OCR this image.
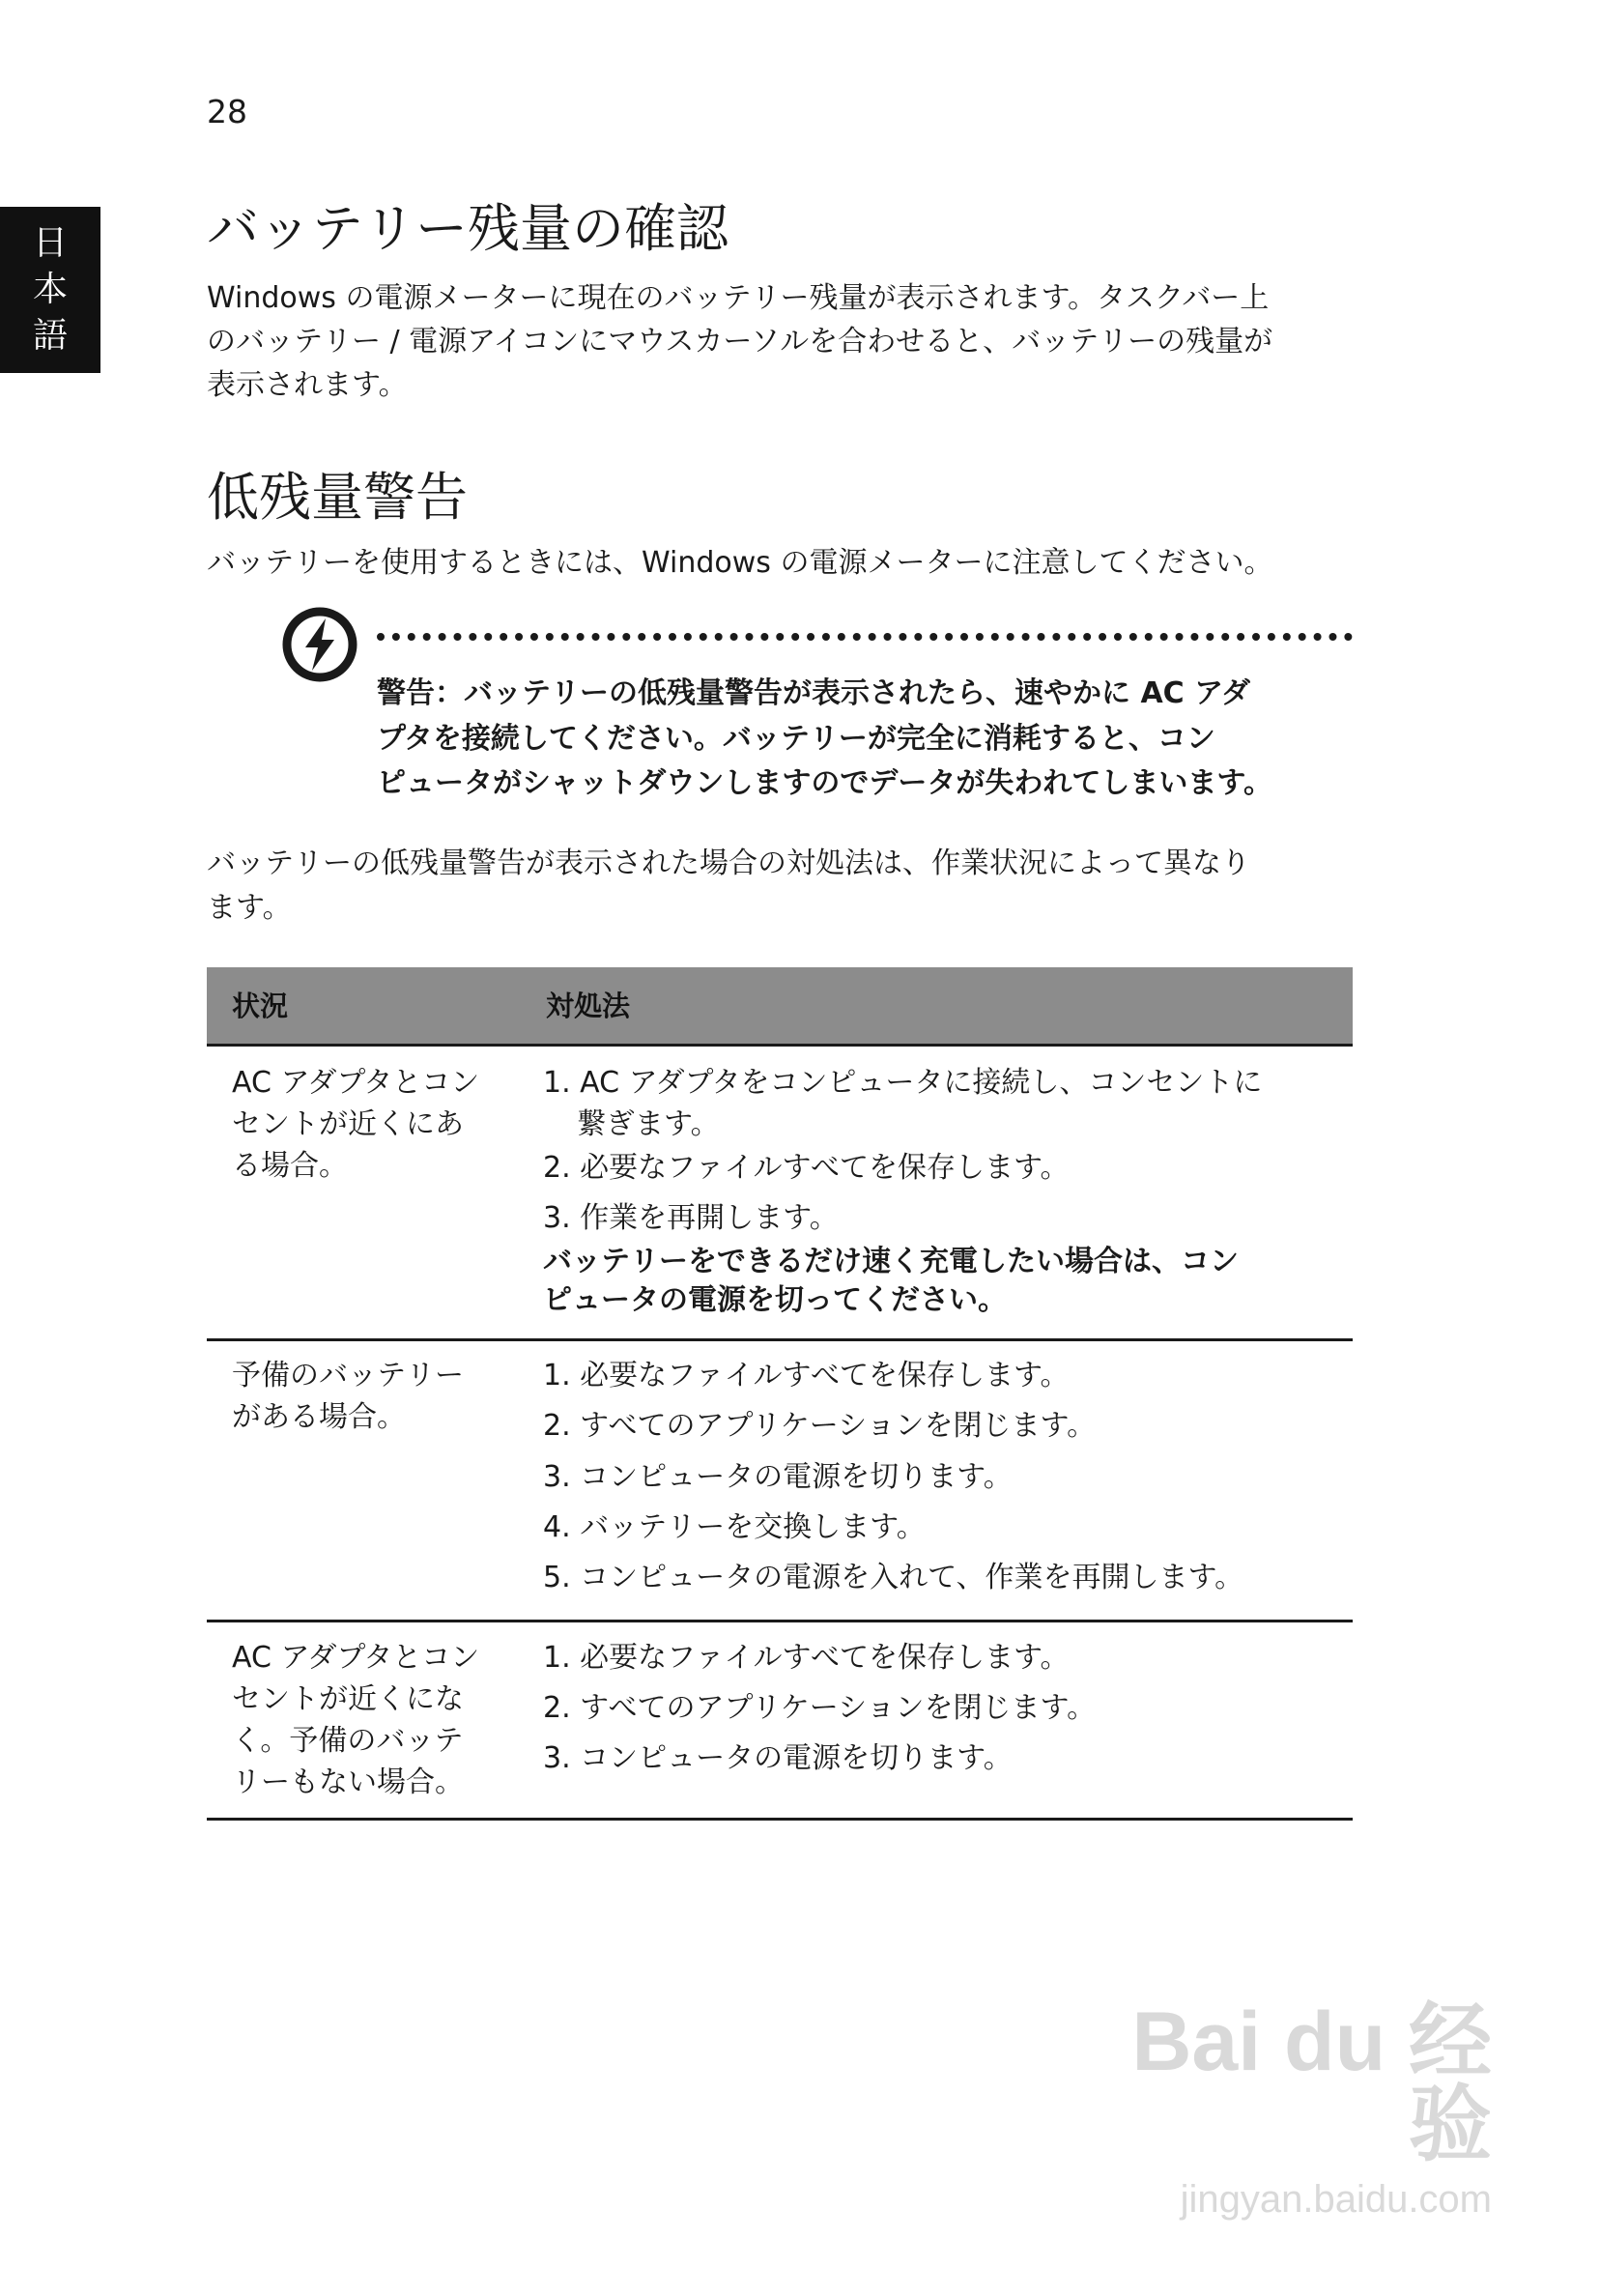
28
日
本
語
バッテリー残量の確認
Windows の電源メーターに現在のバッテリー残量が表示されます。タスクバー上
のバッテリー / 電源アイコンにマウスカーソルを合わせると、バッテリーの残量が
表示されます。
低残量警告
バッテリーを使用するときには、Windows の電源メーターに注意してください。
警告：バッテリーの低残量警告が表示されたら、速やかに AC アダ
プタを接続してください。バッテリーが完全に消耗すると、コン
ピュータがシャットダウンしますのでデータが失われてしまいます。
バッテリーの低残量警告が表示された場合の対処法は、作業状況によって異なり
ます。
状況	対処法
AC アダプタとコン
セントが近くにあ
る場合。
1. AC アダプタをコンピュータに接続し、コンセントに
繋ぎます。
2. 必要なファイルすべてを保存します。
3. 作業を再開します。
バッテリーをできるだけ速く充電したい場合は、コン
ピュータの電源を切ってください。
予備のバッテリー
がある場合。
1. 必要なファイルすべてを保存します。
2. すべてのアプリケーションを閉じます。
3. コンピュータの電源を切ります。
4. バッテリーを交換します。
5. コンピュータの電源を入れて、作業を再開します。
AC アダプタとコン
セントが近くにな
く。予備のバッテ
リーもない場合。
1. 必要なファイルすべてを保存します。
2. すべてのアプリケーションを閉じます。
3. コンピュータの電源を切ります。
Bai du 经验
jingyan.baidu.com
